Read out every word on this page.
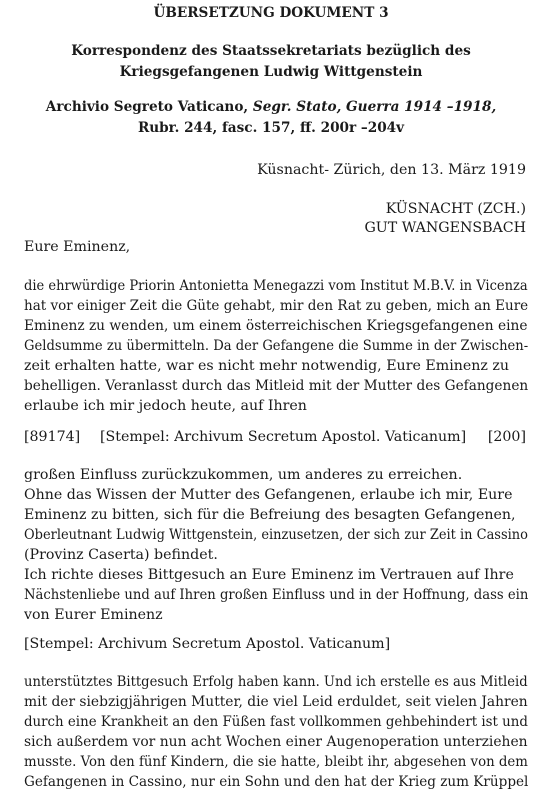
ÜBERSETZUNG DOKUMENT 3
Korrespondenz des Staatssekretariats bezüglich des
Kriegsgefangenen Ludwig Wittgenstein
Archivio Segreto Vaticano, Segr. Stato, Guerra 1914 –1918,
Rubr. 244, fasc. 157, ff. 200r –204v
Küsnacht- Zürich, den 13. März 1919
KÜSNACHT (ZCH.)
GUT WANGENSBACH
Eure Eminenz,
die ehrwürdige Priorin Antonietta Menegazzi vom Institut M.B.V. in Vicenza
hat vor einiger Zeit die Güte gehabt, mir den Rat zu geben, mich an Eure
Eminenz zu wenden, um einem österreichischen Kriegsgefangenen eine
Geldsumme zu übermitteln. Da der Gefangene die Summe in der Zwischen-
zeit erhalten hatte, war es nicht mehr notwendig, Eure Eminenz zu
behelligen. Veranlasst durch das Mitleid mit der Mutter des Gefangenen
erlaube ich mir jedoch heute, auf Ihren
[89174] [Stempel: Archivum Secretum Apostol. Vaticanum] [200]
großen Einfluss zurückzukommen, um anderes zu erreichen.
Ohne das Wissen der Mutter des Gefangenen, erlaube ich mir, Eure
Eminenz zu bitten, sich für die Befreiung des besagten Gefangenen,
Oberleutnant Ludwig Wittgenstein, einzusetzen, der sich zur Zeit in Cassino
(Provinz Caserta) befindet.
Ich richte dieses Bittgesuch an Eure Eminenz im Vertrauen auf Ihre
Nächstenliebe und auf Ihren großen Einfluss und in der Hoffnung, dass ein
von Eurer Eminenz
[Stempel: Archivum Secretum Apostol. Vaticanum]
unterstütztes Bittgesuch Erfolg haben kann. Und ich erstelle es aus Mitleid
mit der siebzigjährigen Mutter, die viel Leid erduldet, seit vielen Jahren
durch eine Krankheit an den Füßen fast vollkommen gehbehindert ist und
sich außerdem vor nun acht Wochen einer Augenoperation unterziehen
musste. Von den fünf Kindern, die sie hatte, bleibt ihr, abgesehen von dem
Gefangenen in Cassino, nur ein Sohn und den hat der Krieg zum Krüppel
